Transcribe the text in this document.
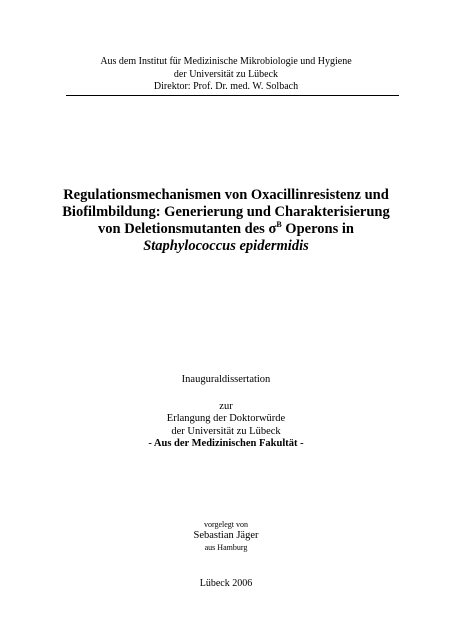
Aus dem Institut für Medizinische Mikrobiologie und Hygiene
der Universität zu Lübeck
Direktor: Prof. Dr. med. W. Solbach
Regulationsmechanismen von Oxacillinresistenz und
Biofilmbildung: Generierung und Charakterisierung
von Deletionsmutanten des $\sigma^B$ Operons in
Staphylococcus epidermidis
Inauguraldissertation
zur
Erlangung der Doktorwürde
der Universität zu Lübeck
- Aus der Medizinischen Fakultät -
vorgelegt von
Sebastian Jäger
aus Hamburg
Lübeck 2006
